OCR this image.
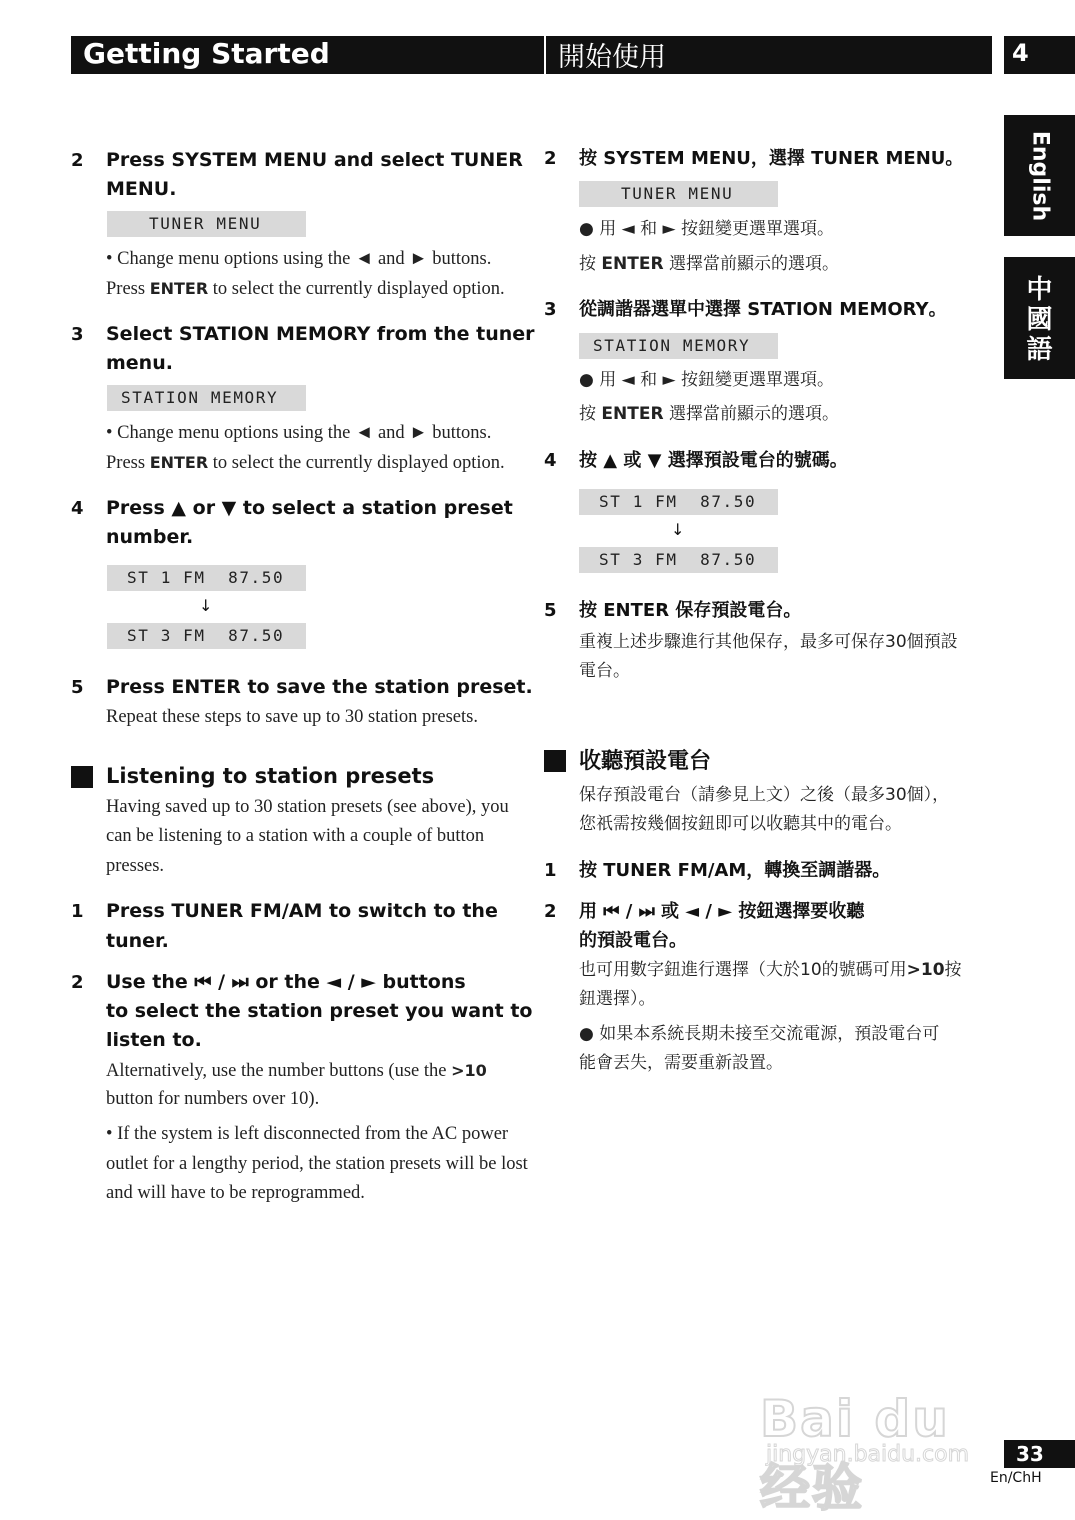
Getting Started	開始使用	4
English
中
國
語
2 Press SYSTEM MENU and select TUNER
MENU.
TUNER MENU
• Change menu options using the ◄ and ► buttons.
Press ENTER to select the currently displayed option.
3 Select STATION MEMORY from the tuner
menu.
STATION MEMORY
• Change menu options using the ◄ and ► buttons.
Press ENTER to select the currently displayed option.
4 Press ▲ or ▼ to select a station preset
number.
ST 1 FM  87.50
↓
ST 3 FM  87.50
5 Press ENTER to save the station preset.
Repeat these steps to save up to 30 station presets.
Listening to station presets
Having saved up to 30 station presets (see above), you
can be listening to a station with a couple of button
presses.
1 Press TUNER FM/AM to switch to the
tuner.
2 Use the ⏮ / ⏭ or the ◄ / ► buttons
to select the station preset you want to
listen to.
Alternatively, use the number buttons (use the >10
button for numbers over 10).
• If the system is left disconnected from the AC power
outlet for a lengthy period, the station presets will be lost
and will have to be reprogrammed.
2 按 SYSTEM MENU，選擇 TUNER MENU。
TUNER MENU
● 用 ◄ 和 ► 按鈕變更選單選項。
按 ENTER 選擇當前顯示的選項。
3 從調諧器選單中選擇 STATION MEMORY。
STATION MEMORY
● 用 ◄ 和 ► 按鈕變更選單選項。
按 ENTER 選擇當前顯示的選項。
4 按 ▲ 或 ▼ 選擇預設電台的號碼。
ST 1 FM  87.50
↓
ST 3 FM  87.50
5 按 ENTER 保存預設電台。
重複上述步驟進行其他保存，最多可保存30個預設
電台。
收聽預設電台
保存預設電台（請參見上文）之後（最多30個），
您祇需按幾個按鈕即可以收聽其中的電台。
1 按 TUNER FM/AM，轉換至調諧器。
2 用 ⏮ / ⏭ 或 ◄ / ► 按鈕選擇要收聽
的預設電台。
也可用數字鈕進行選擇（大於10的號碼可用>10按
鈕選擇）。
● 如果本系統長期未接至交流電源，預設電台可
能會丟失，需要重新設置。
Bai du 经验
jingyan.baidu.com	33
En/ChH
